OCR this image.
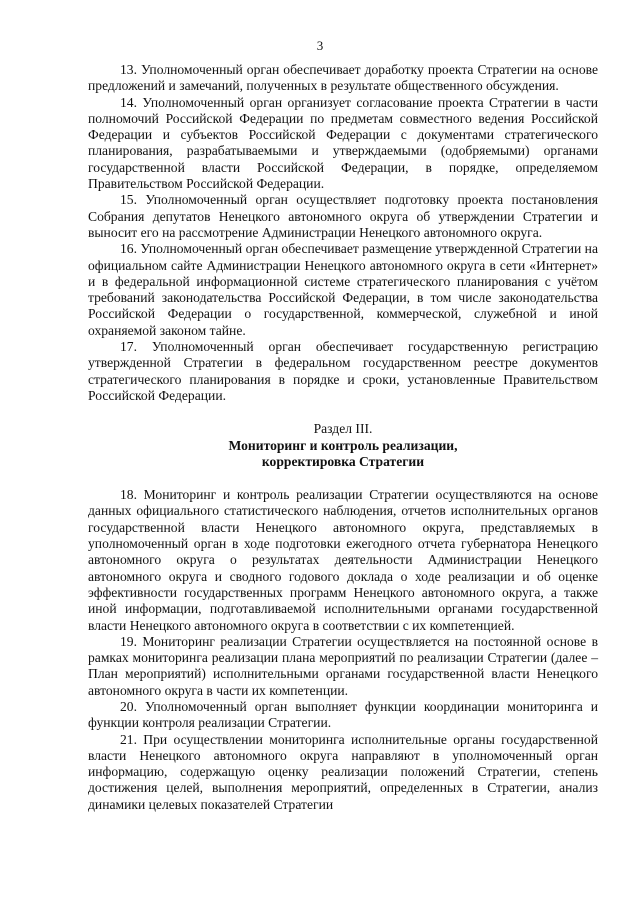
3

13. Уполномоченный орган обеспечивает доработку проекта Стратегии на основе предложений и замечаний, полученных в результате общественного обсуждения.

14. Уполномоченный орган организует согласование проекта Стратегии в части полномочий Российской Федерации по предметам совместного ведения Российской Федерации и субъектов Российской Федерации с документами стратегического планирования, разрабатываемыми и утверждаемыми (одобряемыми) органами государственной власти Российской Федерации, в порядке, определяемом Правительством Российской Федерации.

15. Уполномоченный орган осуществляет подготовку проекта постановления Собрания депутатов Ненецкого автономного округа об утверждении Стратегии и выносит его на рассмотрение Администрации Ненецкого автономного округа.

16. Уполномоченный орган обеспечивает размещение утвержденной Стратегии на официальном сайте Администрации Ненецкого автономного округа в сети «Интернет» и в федеральной информационной системе стратегического планирования с учётом требований законодательства Российской Федерации, в том числе законодательства Российской Федерации о государственной, коммерческой, служебной и иной охраняемой законом тайне.

17. Уполномоченный орган обеспечивает государственную регистрацию утвержденной Стратегии в федеральном государственном реестре документов стратегического планирования в порядке и сроки, установленные Правительством Российской Федерации.

Раздел III.
Мониторинг и контроль реализации,
корректировка Стратегии

18. Мониторинг и контроль реализации Стратегии осуществляются на основе данных официального статистического наблюдения, отчетов исполнительных органов государственной власти Ненецкого автономного округа, представляемых в уполномоченный орган в ходе подготовки ежегодного отчета губернатора Ненецкого автономного округа о результатах деятельности Администрации Ненецкого автономного округа и сводного годового доклада о ходе реализации и об оценке эффективности государственных программ Ненецкого автономного округа, а также иной информации, подготавливаемой исполнительными органами государственной власти Ненецкого автономного округа в соответствии с их компетенцией.

19. Мониторинг реализации Стратегии осуществляется на постоянной основе в рамках мониторинга реализации плана мероприятий по реализации Стратегии (далее – План мероприятий) исполнительными органами государственной власти Ненецкого автономного округа в части их компетенции.

20. Уполномоченный орган выполняет функции координации мониторинга и функции контроля реализации Стратегии.

21. При осуществлении мониторинга исполнительные органы государственной власти Ненецкого автономного округа направляют в уполномоченный орган информацию, содержащую оценку реализации положений Стратегии, степень достижения целей, выполнения мероприятий, определенных в Стратегии, анализ динамики целевых показателей Стратегии
